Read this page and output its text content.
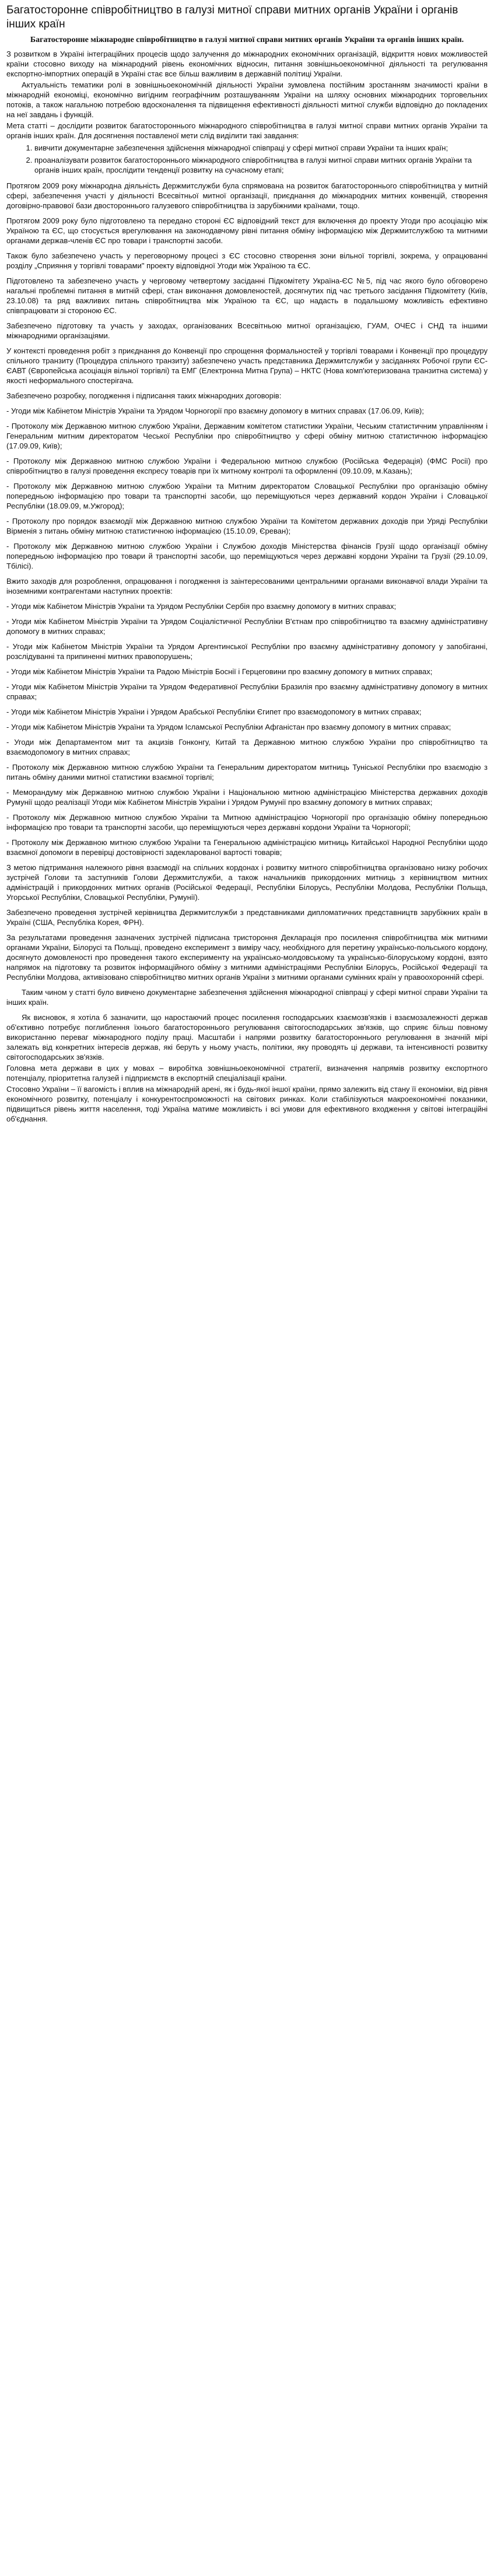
Багатосторонне співробітництво в галузі митної справи митних органів України і органів інших країн
Багатосторонне міжнародне співробітництво в галузі митної справи митних органів України та органів інших країн.

З розвитком в Україні інтеграційних процесів щодо залучення до міжнародних економічних організацій, відкриття нових можливостей країни стосовно виходу на міжнародний рівень економічних відносин, питання зовнішньоекономічної діяльності та регулювання експортно-імпортних операцій в Україні стає все більш важливим в державній політиці України.

Актуальність тематики ролі в зовнішньоекономічній діяльності України зумовлена постійним зростанням значимості країни в міжнародній економіці, економічно вигідним географічним розташуванням України на шляху основних міжнародних торговельних потоків, а також нагальною потребою вдосконалення та підвищення ефективності діяльності митної служби відповідно до покладених на неї завдань і функцій.

Мета статті – дослідити розвиток багатостороннього міжнародного співробітництва в галузі митної справи митних органів України та органів інших країн. Для досягнення поставленої мети слід виділити такі завдання:

1. вивчити документарне забезпечення здійснення міжнародної співпраці у сфері митної справи України та інших країн;
2. проаналізувати розвиток багатостороннього міжнародного співробітництва в галузі митної справи митних органів України та органів інших країн, прослідити тенденції розвитку на сучасному етапі;

Протягом 2009 року міжнародна діяльність Держмитслужби була спрямована на розвиток багатостороннього співробітництва у митній сфері, забезпечення участі у діяльності Всесвітньої митної організації, приєднання до міжнародних митних конвенцій, створення договірно-правової бази двостороннього галузевого співробітництва із зарубіжними країнами, тощо.

Протягом 2009 року було підготовлено та передано стороні ЄС відповідний текст для включення до проекту Угоди про асоціацію між Україною та ЄС, що стосується врегулювання на законодавчому рівні питання обміну інформацією між Держмитслужбою та митними органами держав-членів ЄС про товари і транспортні засоби.

Також було забезпечено участь у переговорному процесі з ЄС стосовно створення зони вільної торгівлі, зокрема, у опрацюванні розділу „Сприяння у торгівлі товарами" проекту відповідної Угоди між Україною та ЄС.

Підготовлено та забезпечено участь у черговому четвертому засіданні Підкомітету Україна-ЄС №5, під час якого було обговорено нагальні проблемні питання в митній сфері, стан виконання домовленостей, досягнутих під час третього засідання Підкомітету (Київ, 23.10.08) та ряд важливих питань співробітництва між Україною та ЄС, що надасть в подальшому можливість ефективно співпрацювати зі стороною ЄС.

Забезпечено підготовку та участь у заходах, організованих Всесвітньою митної організацією, ГУАМ, ОЧЕС і СНД та іншими міжнародними організаціями.

У контексті проведення робіт з приєднання до Конвенції про спрощення формальностей у торгівлі товарами і Конвенції про процедуру спільного транзиту (Процедура спільного транзиту) забезпечено участь представника Держмитслужби у засіданнях Робочої групи ЄС-ЄАВТ (Європейська асоціація вільної торгівлі) та ЕМГ (Електронна Митна Група) – НКТС (Нова комп'ютеризована транзитна система) у якості неформального спостерігача.

Забезпечено розробку, погодження і підписання таких міжнародних договорів:

- Угоди між Кабінетом Міністрів України та Урядом Чорногорії про взаємну допомогу в митних справах (17.06.09, Київ);

- Протоколу між Державною митною службою України, Державним комітетом статистики України, Чеським статистичним управлінням і Генеральним митним директоратом Чеської Республіки про співробітництво у сфері обміну митною статистичною інформацією (17.09.09, Київ);

- Протоколу між Державною митною службою України і Федеральною митною службою (Російська Федерація) (ФМС Росії) про співробітництво в галузі проведення експресу товарів при їх митному контролі та оформленні (09.10.09, м.Казань);

- Протоколу між Державною митною службою України та Митним директоратом Словацької Республіки про організацію обміну попередньою інформацією про товари та транспортні засоби, що переміщуються через державний кордон України і Словацької Республіки (18.09.09, м.Ужгород);

- Протоколу про порядок взаємодії між Державною митною службою України та Комітетом державних доходів при Уряді Республіки Вірменія з питань обміну митною статистичною інформацією (15.10.09, Єреван);

- Протоколу між Державною митною службою України і Службою доходів Міністерства фінансів Грузії щодо організації обміну попередньою інформацією про товари й транспортні засоби, що переміщуються через державні кордони України та Грузії (29.10.09, Тбілісі).

Вжито заходів для розроблення, опрацювання і погодження із заінтересованими центральними органами виконавчої влади України та іноземними контрагентами наступних проектів:

- Угоди між Кабінетом Міністрів України та Урядом Республіки Сербія про взаємну допомогу в митних справах;

- Угоди між Кабінетом Міністрів України та Урядом Соціалістичної Республіки В'єтнам про співробітництво та взаємну адміністративну допомогу в митних справах;

- Угоди між Кабінетом Міністрів України та Урядом Аргентинської Республіки про взаємну адміністративну допомогу у запобіганні, розслідуванні та припиненні митних правопорушень;

- Угоди між Кабінетом Міністрів України та Радою Міністрів Боснії і Герцеговини про взаємну допомогу в митних справах;

- Угоди між Кабінетом Міністрів України та Урядом Федеративної Республіки Бразилія про взаємну адміністративну допомогу в митних справах;

- Угоди між Кабінетом Міністрів України і Урядом Арабської Республіки Єгипет про взаємодопомогу в митних справах;

- Угоди між Кабінетом Міністрів України та Урядом Ісламської Республіки Афганістан про взаємну допомогу в митних справах;

- Угоди між Департаментом мит та акцизів Гонконгу, Китай та Державною митною службою України про співробітництво та взаємодопомогу в митних справах;

- Протоколу між Державною митною службою України та Генеральним директоратом митниць Туніської Республіки про взаємодію з питань обміну даними митної статистики взаємної торгівлі;

- Меморандуму між Державною митною службою України і Національною митною адміністрацією Міністерства державних доходів Румунії щодо реалізації Угоди між Кабінетом Міністрів України і Урядом Румунії про взаємну допомогу в митних справах;

- Протоколу між Державною митною службою України та Митною адміністрацією Чорногорії про організацію обміну попередньою інформацією про товари та транспортні засоби, що переміщуються через державні кордони України та Чорногорії;

- Протоколу між Державною митною службою України та Генеральною адміністрацією митниць Китайської Народної Республіки щодо взаємної допомоги в перевірці достовірності задекларованої вартості товарів;

З метою підтримання належного рівня взаємодії на спільних кордонах і розвитку митного співробітництва організовано низку робочих зустрічей Голови та заступників Голови Держмитслужби, а також начальників прикордонних митниць з керівництвом митних адміністрацій і прикордонних митних органів (Російської Федерації, Республіки Білорусь, Республіки Молдова, Республіки Польща, Угорської Республіки, Словацької Республіки, Румунії).

Забезпечено проведення зустрічей керівництва Держмитслужби з представниками дипломатичних представництв зарубіжних країн в Україні (США, Республіка Корея, ФРН).

За результатами проведення зазначених зустрічей підписана тристороння Декларація про посилення співробітництва між митними органами України, Білорусі та Польщі, проведено експеримент з виміру часу, необхідного для перетину українсько-польського кордону, досягнуто домовленості про проведення такого експерименту на українсько-молдовському та українсько-білоруському кордоні, взято напрямок на підготовку та розвиток інформаційного обміну з митними адміністраціями Республіки Білорусь, Російської Федерації та Республіки Молдова, активізовано співробітництво митних органів України з митними органами сумінних країн у правоохоронній сфері.

Таким чином у статті було вивчено документарне забезпечення здійснення міжнародної співпраці у сфері митної справи України та інших країн.

Як висновок, я хотіла б зазначити, що наростаючий процес посилення господарських кзаємозв'язків і взаємозалежності держав об'єктивно потребує поглиблення їхнього багатостороннього регулювання світогосподарських зв'язків, що сприяє більш повному використанню переваг міжнародного поділу праці. Масштаби і напрями розвитку багатостороннього регулювання в значній мірі залежать від конкретних інтересів держав, які беруть у ньому участь, політики, яку проводять ці держави, та інтенсивності розвитку світогосподарських зв'язків.

Головна мета держави в цих у мовах – виробітка зовнішньоекономічної стратегії, визначення напрямів розвитку експортного потенціалу, пріоритетна галузей і підприємств в експортній спеціалізації країни.

Стосовно України – її вагомість і вплив на міжнародній арені, як і будь-якої іншої країни, прямо залежить від стану її економіки, від рівня економічного розвитку, потенціалу і конкурентоспроможності на світових ринках. Коли стабілізуються макроекономічні показники, підвищиться рівень життя населення, тоді Україна матиме можливість і всі умови для ефективного входження у світові інтеграційні об'єднання.
